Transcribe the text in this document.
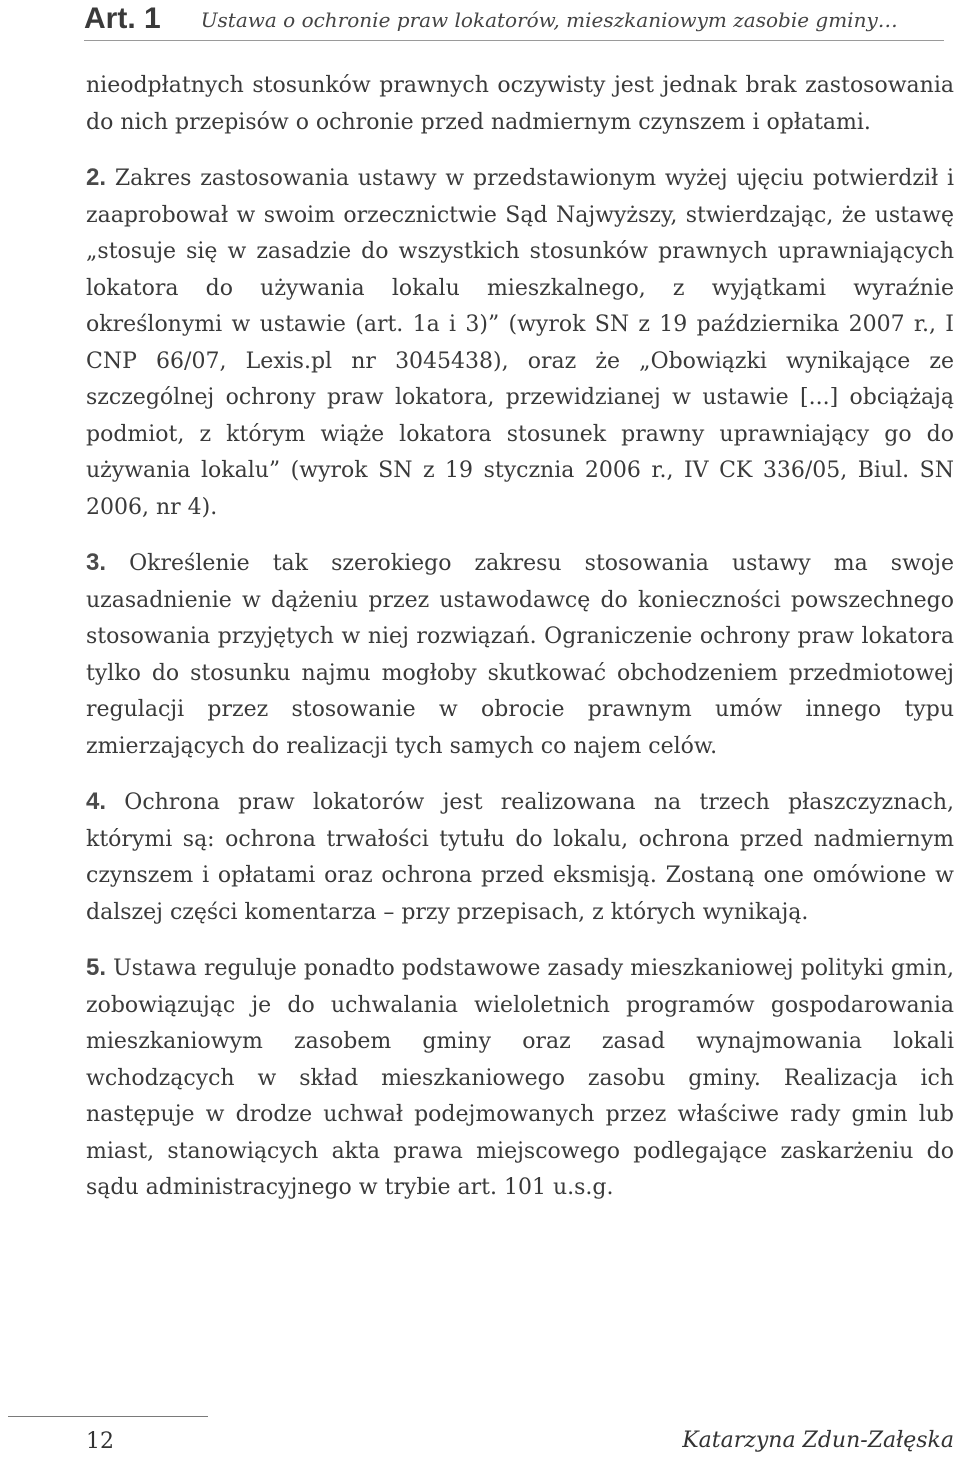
Art. 1 Ustawa o ochronie praw lokatorów, mieszkaniowym zasobie gminy…

nieodpłatnych stosunków prawnych oczywisty jest jednak brak zastosowania do nich przepisów o ochronie przed nadmiernym czynszem i opłatami.

2. Zakres zastosowania ustawy w przedstawionym wyżej ujęciu potwierdził i zaaprobował w swoim orzecznictwie Sąd Najwyższy, stwierdzając, że ustawę „stosuje się w zasadzie do wszystkich stosunków prawnych uprawniających lokatora do używania lokalu mieszkalnego, z wyjątkami wyraźnie określonymi w ustawie (art. 1a i 3)” (wyrok SN z 19 października 2007 r., I CNP 66/07, Lexis.pl nr 3045438), oraz że „Obowiązki wynikające ze szczególnej ochrony praw lokatora, przewidzianej w ustawie [...] obciążają podmiot, z którym wiąże lokatora stosunek prawny uprawniający go do używania lokalu” (wyrok SN z 19 stycznia 2006 r., IV CK 336/05, Biul. SN 2006, nr 4).

3. Określenie tak szerokiego zakresu stosowania ustawy ma swoje uzasadnienie w dążeniu przez ustawodawcę do konieczności powszechnego stosowania przyjętych w niej rozwiązań. Ograniczenie ochrony praw lokatora tylko do stosunku najmu mogłoby skutkować obchodzeniem przedmiotowej regulacji przez stosowanie w obrocie prawnym umów innego typu zmierzających do realizacji tych samych co najem celów.

4. Ochrona praw lokatorów jest realizowana na trzech płaszczyznach, którymi są: ochrona trwałości tytułu do lokalu, ochrona przed nadmiernym czynszem i opłatami oraz ochrona przed eksmisją. Zostaną one omówione w dalszej części komentarza – przy przepisach, z których wynikają.

5. Ustawa reguluje ponadto podstawowe zasady mieszkaniowej polityki gmin, zobowiązując je do uchwalania wieloletnich programów gospodarowania mieszkaniowym zasobem gminy oraz zasad wynajmowania lokali wchodzących w skład mieszkaniowego zasobu gminy. Realizacja ich następuje w drodze uchwał podejmowanych przez właściwe rady gmin lub miast, stanowiących akta prawa miejscowego podlegające zaskarżeniu do sądu administracyjnego w trybie art. 101 u.s.g.

12	Katarzyna Zdun-Załęska
